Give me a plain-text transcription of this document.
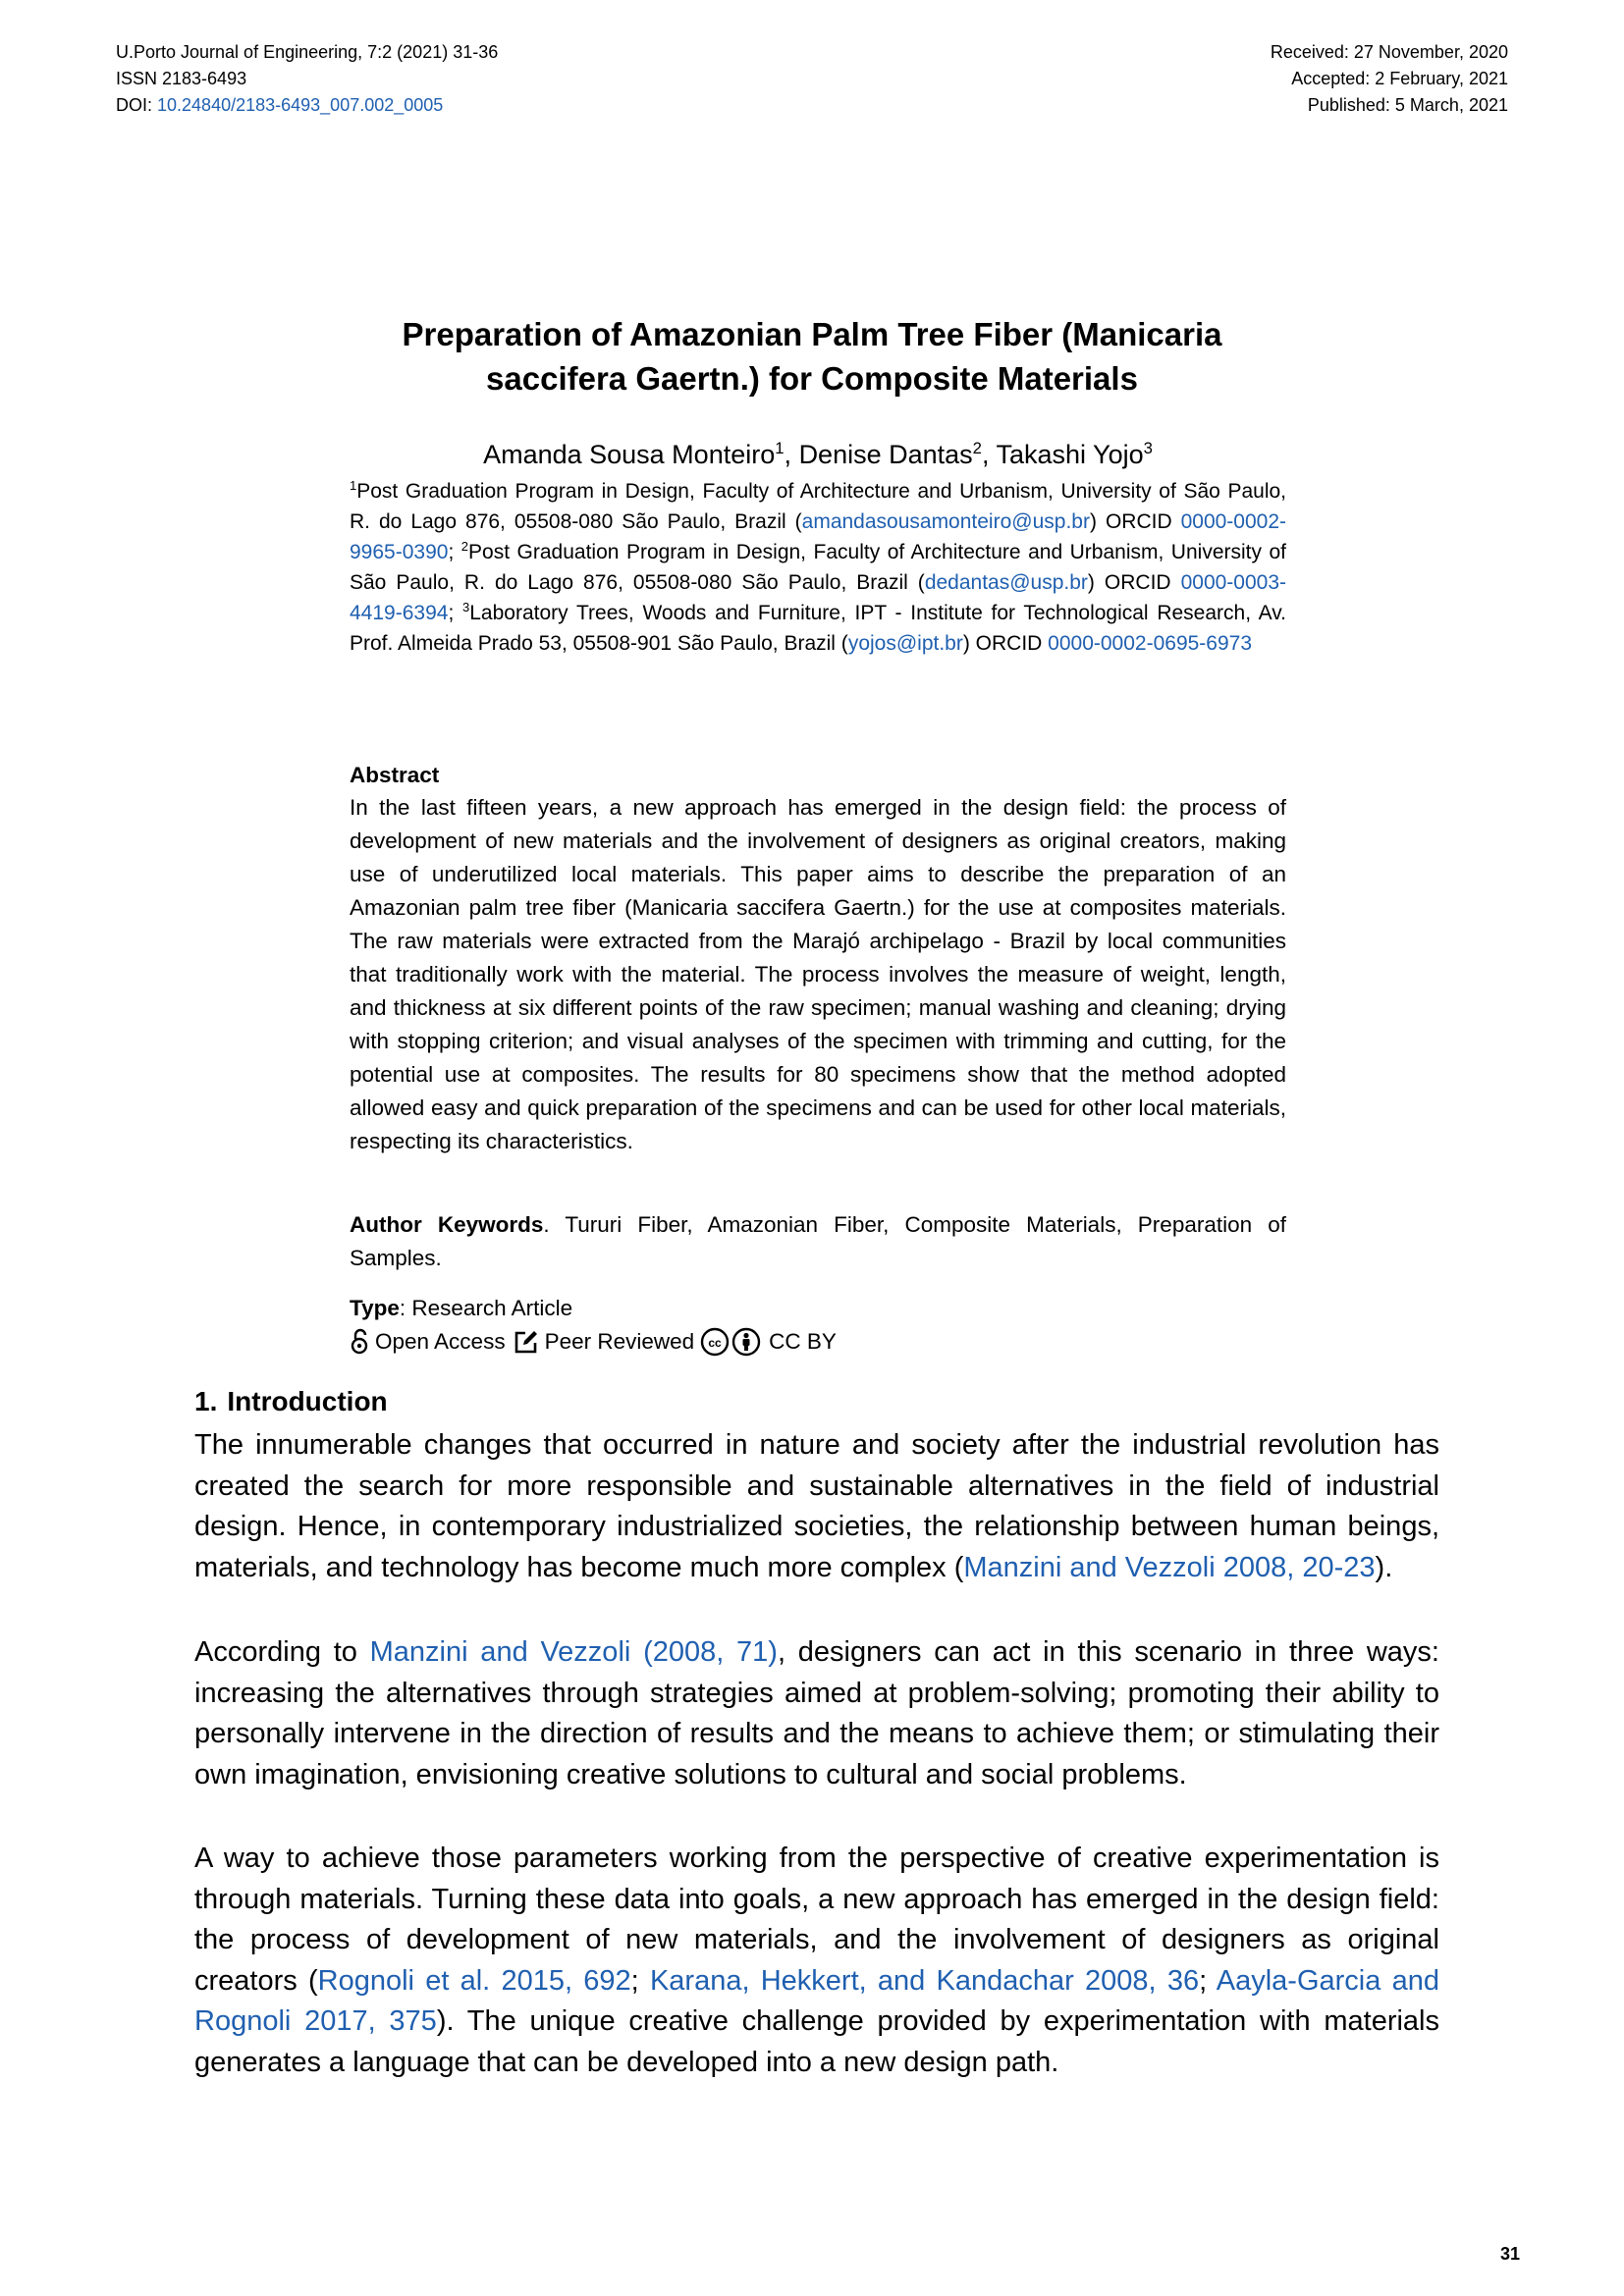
U.Porto Journal of Engineering, 7:2 (2021) 31-36
ISSN 2183-6493
DOI: 10.24840/2183-6493_007.002_0005
Received: 27 November, 2020
Accepted: 2 February, 2021
Published: 5 March, 2021
Preparation of Amazonian Palm Tree Fiber (Manicaria
saccifera Gaertn.) for Composite Materials
Amanda Sousa Monteiro$^1$, Denise Dantas$^2$, Takashi Yojo$^3$
$^1$Post Graduation Program in Design, Faculty of Architecture and Urbanism, University of São Paulo, R. do Lago 876, 05508-080 São Paulo, Brazil (amandasousamonteiro@usp.br) ORCID 0000-0002-9965-0390; $^2$Post Graduation Program in Design, Faculty of Architecture and Urbanism, University of São Paulo, R. do Lago 876, 05508-080 São Paulo, Brazil (dedantas@usp.br) ORCID 0000-0003-4419-6394; $^3$Laboratory Trees, Woods and Furniture, IPT - Institute for Technological Research, Av. Prof. Almeida Prado 53, 05508-901 São Paulo, Brazil (yojos@ipt.br) ORCID 0000-0002-0695-6973
Abstract
In the last fifteen years, a new approach has emerged in the design field: the process of development of new materials and the involvement of designers as original creators, making use of underutilized local materials. This paper aims to describe the preparation of an Amazonian palm tree fiber (Manicaria saccifera Gaertn.) for the use at composites materials. The raw materials were extracted from the Marajó archipelago - Brazil by local communities that traditionally work with the material. The process involves the measure of weight, length, and thickness at six different points of the raw specimen; manual washing and cleaning; drying with stopping criterion; and visual analyses of the specimen with trimming and cutting, for the potential use at composites. The results for 80 specimens show that the method adopted allowed easy and quick preparation of the specimens and can be used for other local materials, respecting its characteristics.
Author Keywords. Tururi Fiber, Amazonian Fiber, Composite Materials, Preparation of Samples.
Type: Research Article
Open Access Peer Reviewed cc CC BY
1. Introduction
The innumerable changes that occurred in nature and society after the industrial revolution has created the search for more responsible and sustainable alternatives in the field of industrial design. Hence, in contemporary industrialized societies, the relationship between human beings, materials, and technology has become much more complex (Manzini and Vezzoli 2008, 20-23).
According to Manzini and Vezzoli (2008, 71), designers can act in this scenario in three ways: increasing the alternatives through strategies aimed at problem-solving; promoting their ability to personally intervene in the direction of results and the means to achieve them; or stimulating their own imagination, envisioning creative solutions to cultural and social problems.
A way to achieve those parameters working from the perspective of creative experimentation is through materials. Turning these data into goals, a new approach has emerged in the design field: the process of development of new materials, and the involvement of designers as original creators (Rognoli et al. 2015, 692; Karana, Hekkert, and Kandachar 2008, 36; Aayla-Garcia and Rognoli 2017, 375). The unique creative challenge provided by experimentation with materials generates a language that can be developed into a new design path.
31
